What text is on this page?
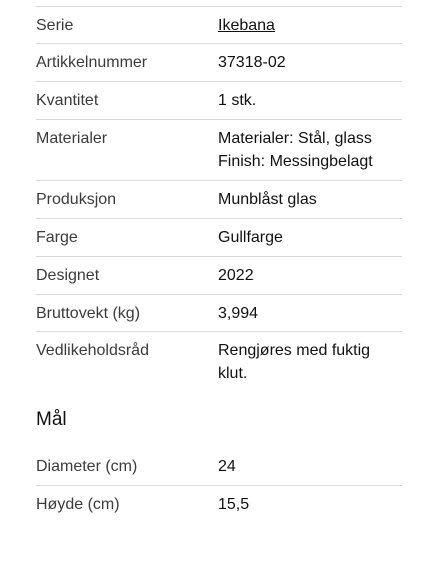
Serie	Ikebana
Artikkelnummer	37318-02
Kvantitet	1 stk.
Materialer	Materialer: Stål, glass
Finish: Messingbelagt
Produksjon	Munblåst glas
Farge	Gullfarge
Designet	2022
Bruttovekt (kg)	3,994
Vedlikeholdsråd	Rengjøres med fuktig
klut.
Mål
Diameter (cm)	24
Høyde (cm)	15,5
